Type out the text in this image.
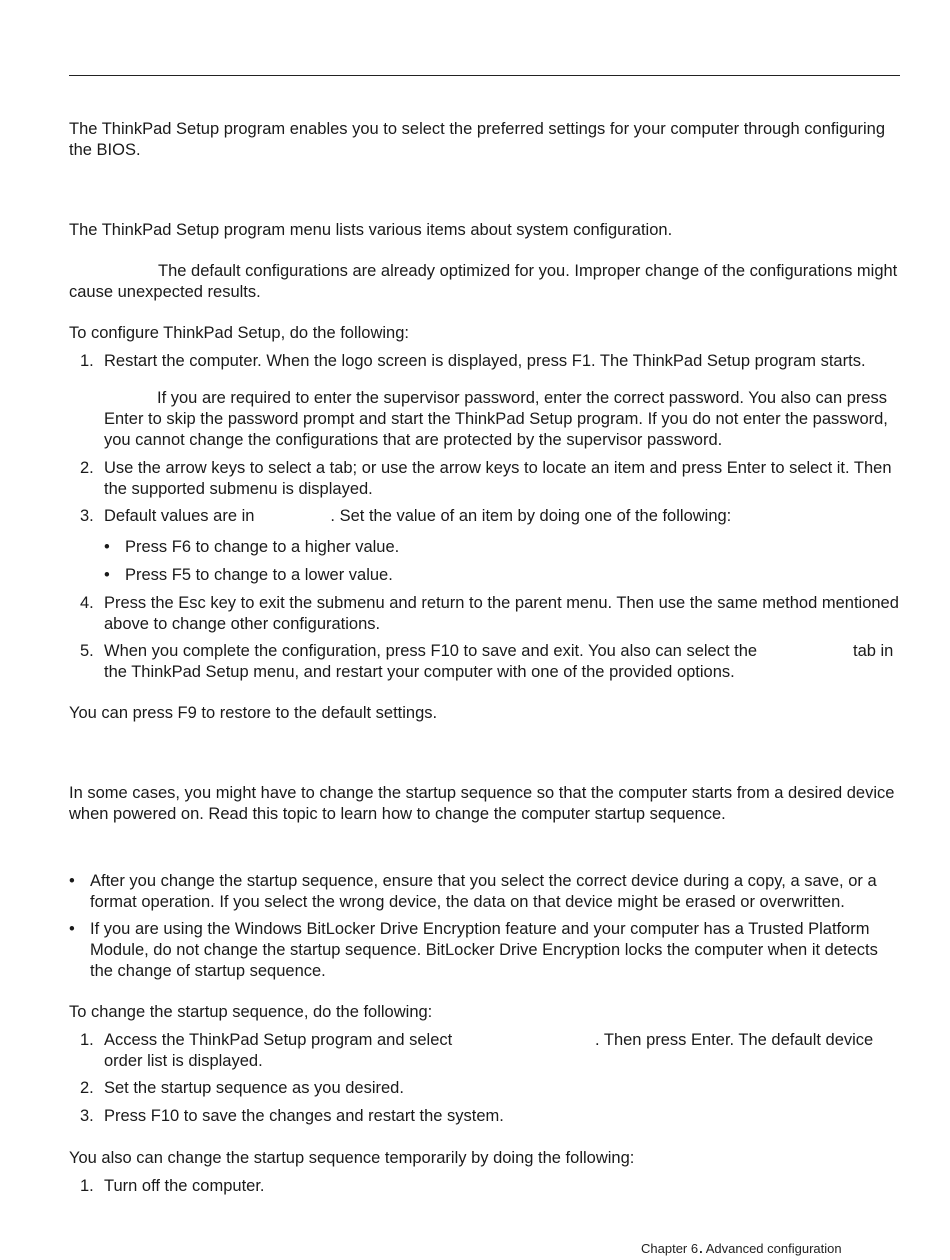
The ThinkPad Setup program enables you to select the preferred settings for your computer through configuring the BIOS.

The ThinkPad Setup program menu lists various items about system configuration.

The default configurations are already optimized for you. Improper change of the configurations might cause unexpected results.

To configure ThinkPad Setup, do the following:

1. Restart the computer. When the logo screen is displayed, press F1. The ThinkPad Setup program starts.

If you are required to enter the supervisor password, enter the correct password. You also can press Enter to skip the password prompt and start the ThinkPad Setup program. If you do not enter the password, you cannot change the configurations that are protected by the supervisor password.

2. Use the arrow keys to select a tab; or use the arrow keys to locate an item and press Enter to select it. Then the supported submenu is displayed.

3. Default values are in	. Set the value of an item by doing one of the following:

• Press F6 to change to a higher value.

• Press F5 to change to a lower value.

4. Press the Esc key to exit the submenu and return to the parent menu. Then use the same method mentioned above to change other configurations.

5. When you complete the configuration, press F10 to save and exit. You also can select the	tab in

the ThinkPad Setup menu, and restart your computer with one of the provided options.

You can press F9 to restore to the default settings.

In some cases, you might have to change the startup sequence so that the computer starts from a desired device when powered on. Read this topic to learn how to change the computer startup sequence.

• After you change the startup sequence, ensure that you select the correct device during a copy, a save, or a format operation. If you select the wrong device, the data on that device might be erased or overwritten.

• If you are using the Windows BitLocker Drive Encryption feature and your computer has a Trusted Platform Module, do not change the startup sequence. BitLocker Drive Encryption locks the computer when it detects the change of startup sequence.

To change the startup sequence, do the following:

1. Access the ThinkPad Setup program and select	. Then press Enter. The default device

order list is displayed.

2. Set the startup sequence as you desired.

3. Press F10 to save the changes and restart the system.

You also can change the startup sequence temporarily by doing the following:

1. Turn off the computer.

Chapter 6. Advanced configuration
